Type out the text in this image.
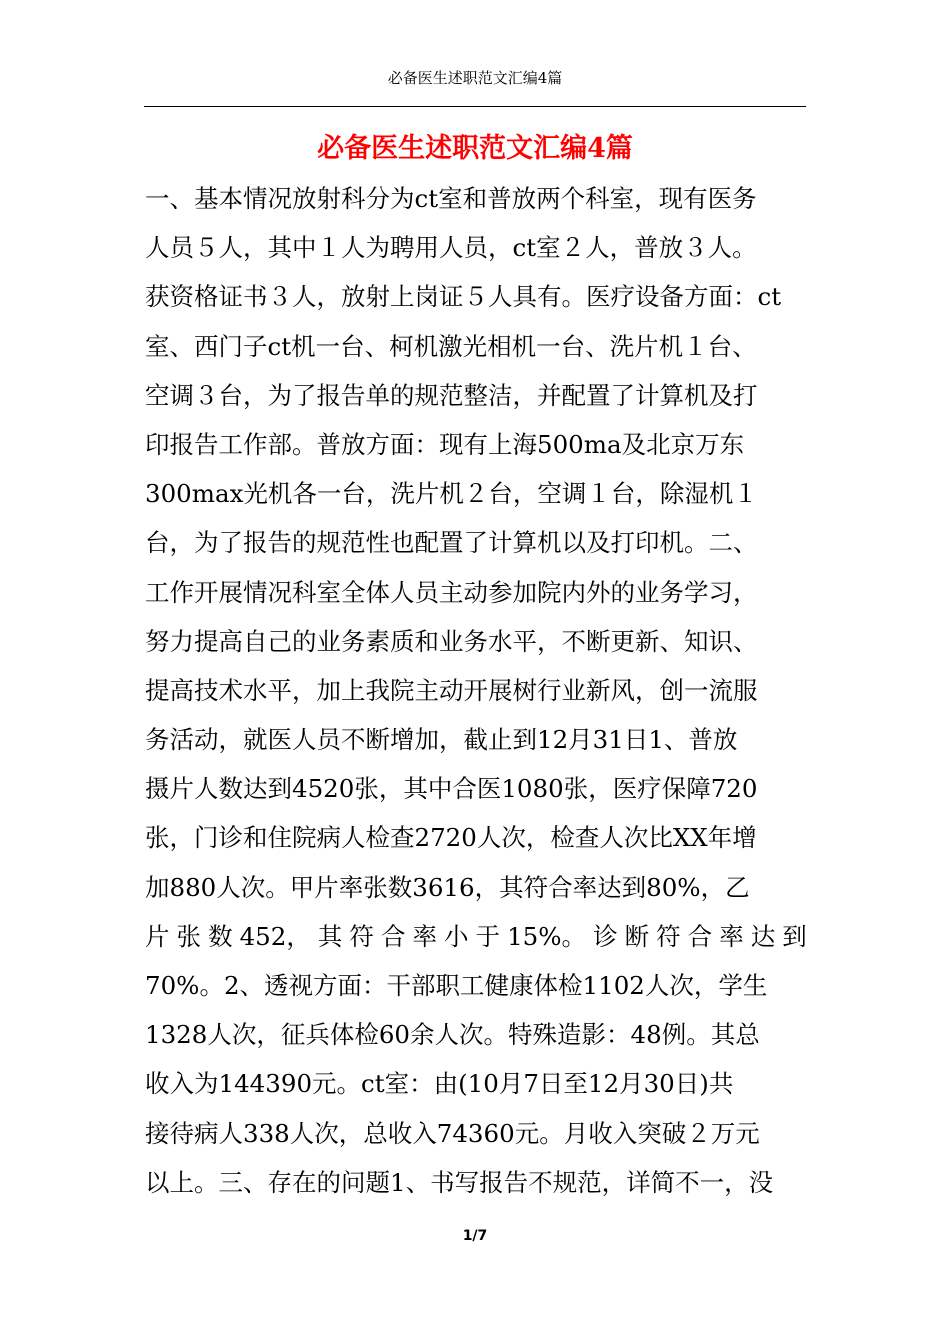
必备医生述职范文汇编4篇
必备医生述职范文汇编4篇
一、基本情况放射科分为ct室和普放两个科室，现有医务
人员５人，其中１人为聘用人员，ct室２人，普放３人。
获资格证书３人，放射上岗证５人具有。医疗设备方面：ct
室、西门子ct机一台、柯机激光相机一台、洗片机１台、
空调３台，为了报告单的规范整洁，并配置了计算机及打
印报告工作部。普放方面：现有上海500ma及北京万东
300max光机各一台，洗片机２台，空调１台，除湿机１
台，为了报告的规范性也配置了计算机以及打印机。二、
工作开展情况科室全体人员主动参加院内外的业务学习，
努力提高自己的业务素质和业务水平，不断更新、知识、
提高技术水平，加上我院主动开展树行业新风，创一流服
务活动，就医人员不断增加，截止到12月31日1、普放
摄片人数达到4520张，其中合医1080张，医疗保障720
张，门诊和住院病人检查2720人次，检查人次比XX年增
加880人次。甲片率张数3616，其符合率达到80%，乙
片 张 数 452， 其 符 合 率 小 于 15%。 诊 断 符 合 率 达 到
70%。2、透视方面：干部职工健康体检1102人次，学生
1328人次，征兵体检60余人次。特殊造影：48例。其总
收入为144390元。ct室：由(10月7日至12月30日)共
接待病人338人次，总收入74360元。月收入突破２万元
以上。三、存在的问题1、书写报告不规范，详简不一，没
1/7
